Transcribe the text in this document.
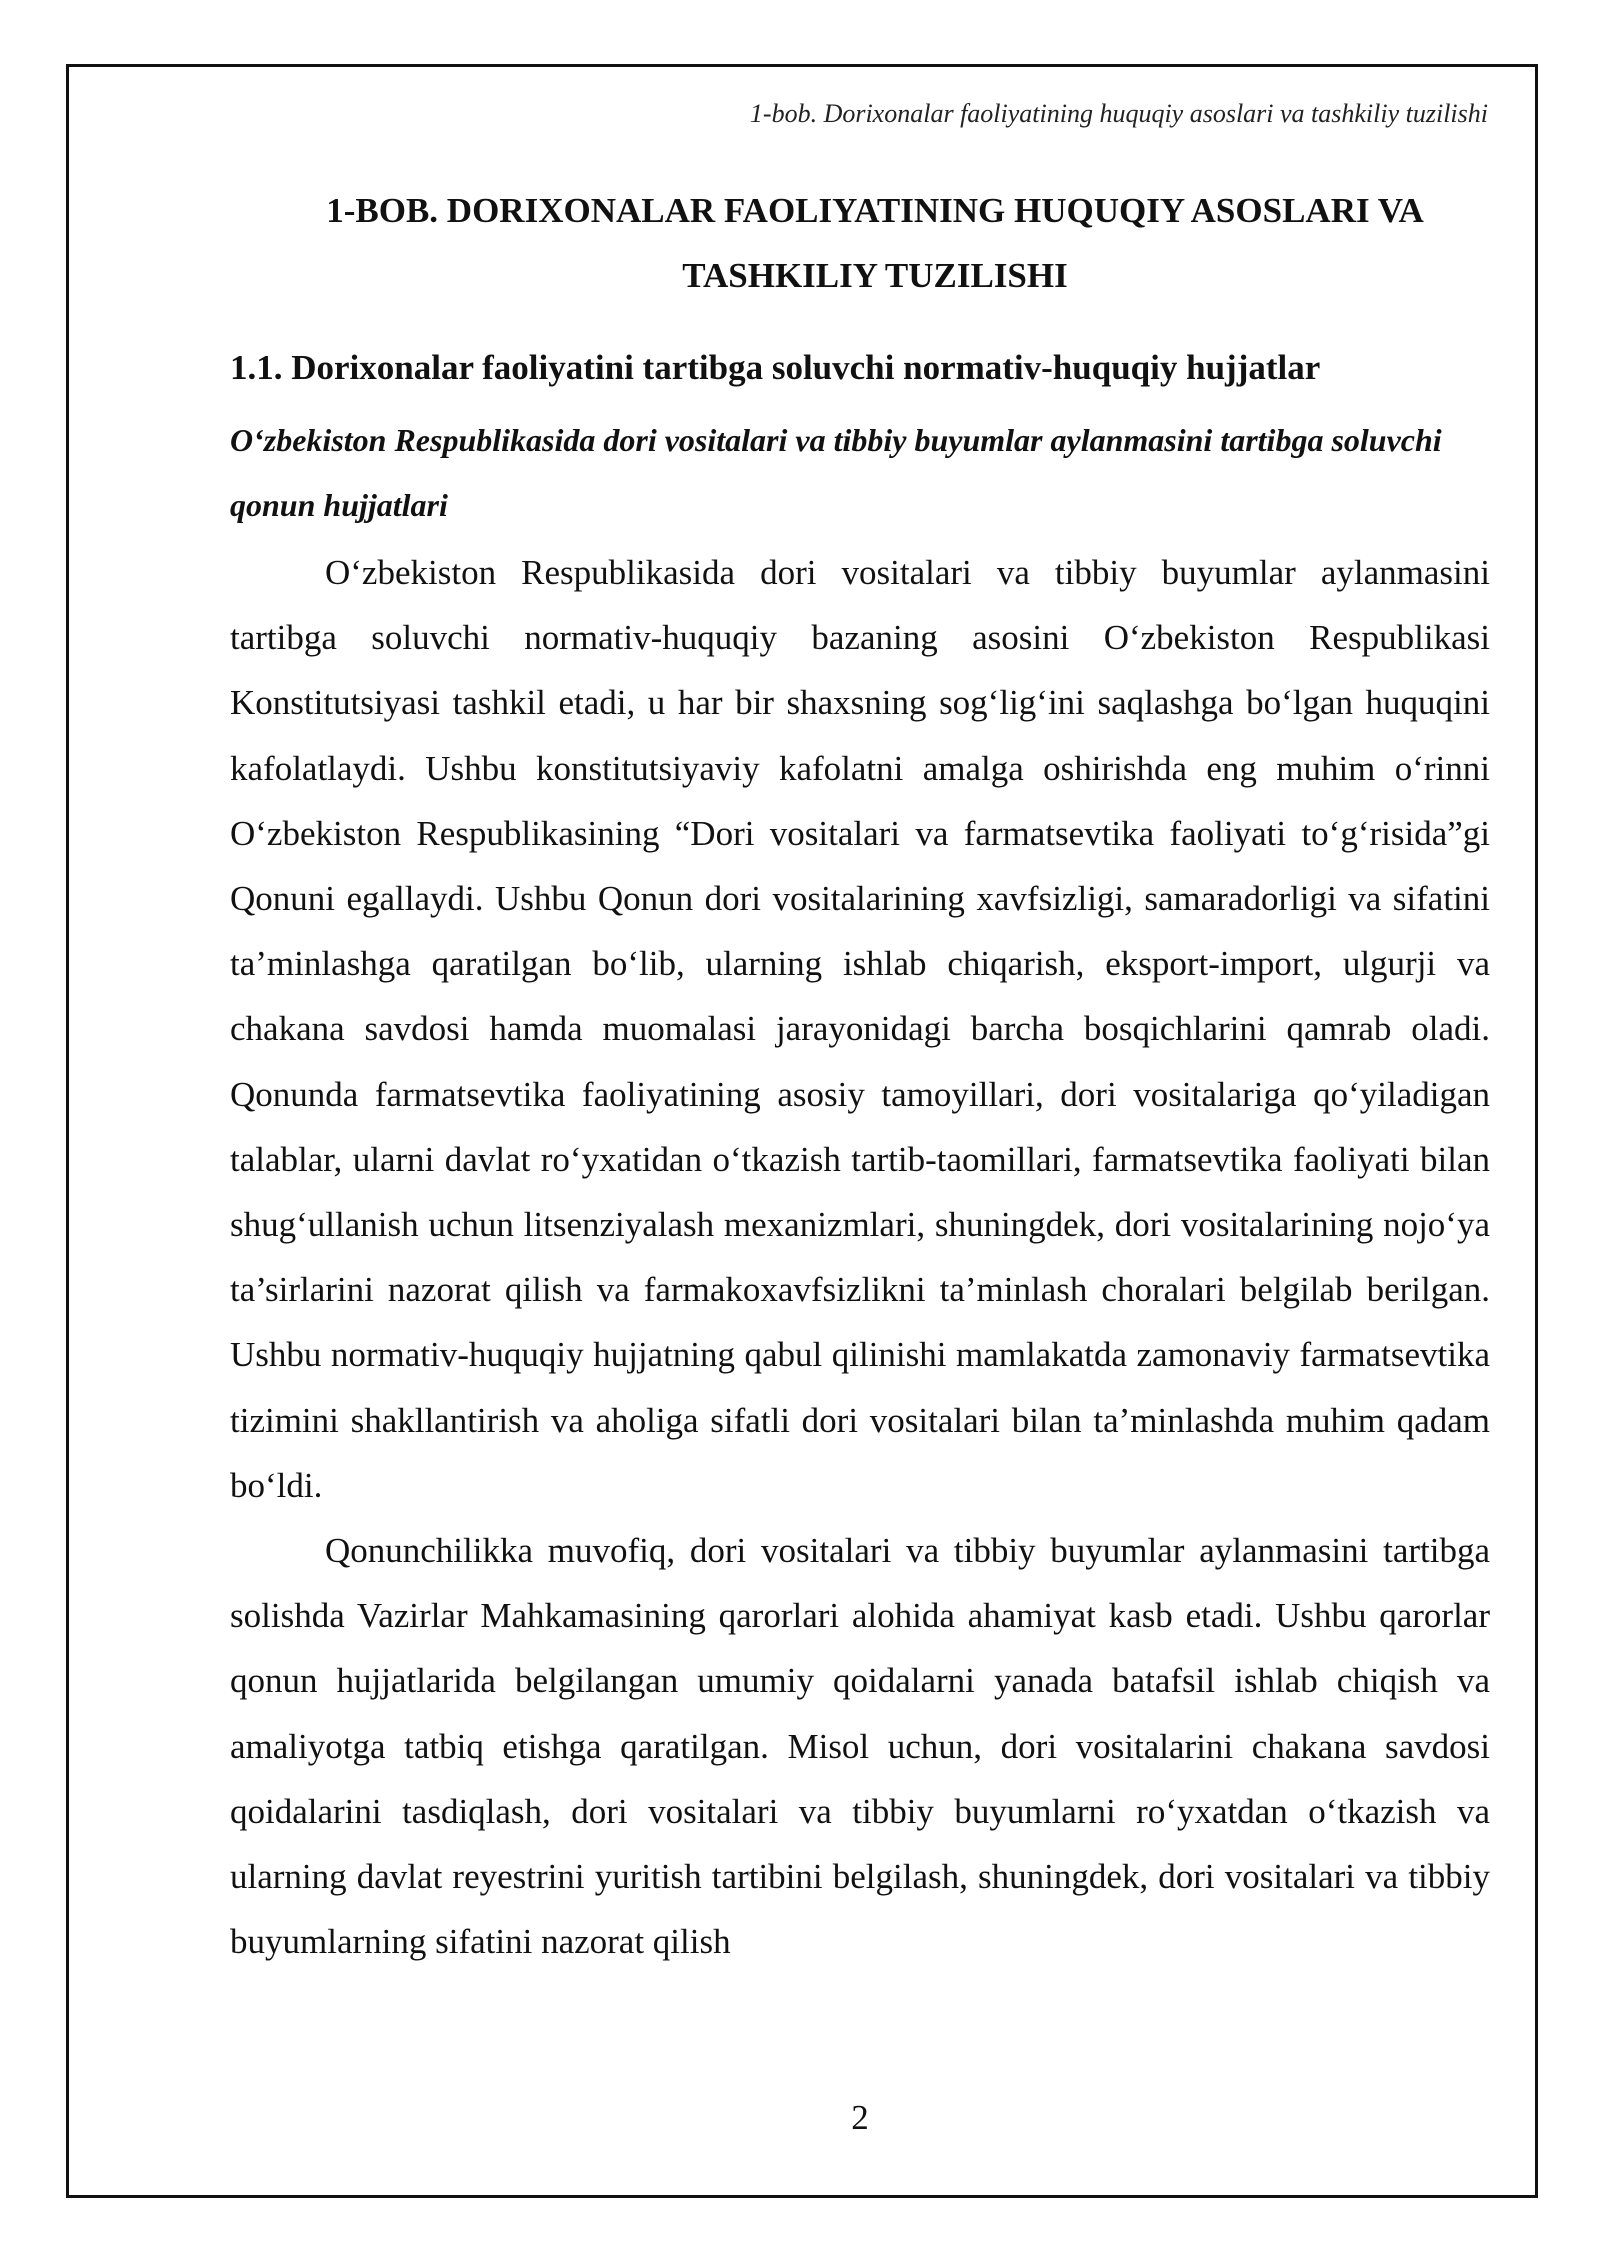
1-bob. Dorixonalar faoliyatining huquqiy asoslari va tashkiliy tuzilishi
1-BOB. DORIXONALAR FAOLIYATINING HUQUQIY ASOSLARI VA TASHKILIY TUZILISHI
1.1. Dorixonalar faoliyatini tartibga soluvchi normativ-huquqiy hujjatlar
O‘zbekiston Respublikasida dori vositalari va tibbiy buyumlar aylanmasini tartibga soluvchi qonun hujjatlari

O‘zbekiston Respublikasida dori vositalari va tibbiy buyumlar aylanmasini tartibga soluvchi normativ-huquqiy bazaning asosini O‘zbekiston Respublikasi Konstitutsiyasi tashkil etadi, u har bir shaxsning sog‘lig‘ini saqlashga bo‘lgan huquqini kafolatlaydi. Ushbu konstitutsiyaviy kafolatni amalga oshirishda eng muhim o‘rinni O‘zbekiston Respublikasining “Dori vositalari va farmatsevtika faoliyati to‘g‘risida”gi Qonuni egallaydi. Ushbu Qonun dori vositalarining xavfsizligi, samaradorligi va sifatini ta’minlashga qaratilgan bo‘lib, ularning ishlab chiqarish, eksport-import, ulgurji va chakana savdosi hamda muomalasi jarayonidagi barcha bosqichlarini qamrab oladi. Qonunda farmatsevtika faoliyatining asosiy tamoyillari, dori vositalariga qo‘yiladigan talablar, ularni davlat ro‘yxatidan o‘tkazish tartib-taomillari, farmatsevtika faoliyati bilan shug‘ullanish uchun litsenziyalash mexanizmlari, shuningdek, dori vositalarining nojo‘ya ta’sirlarini nazorat qilish va farmakoxavfsizlikni ta’minlash choralari belgilab berilgan. Ushbu normativ-huquqiy hujjatning qabul qilinishi mamlakatda zamonaviy farmatsevtika tizimini shakllantirish va aholiga sifatli dori vositalari bilan ta’minlashda muhim qadam bo‘ldi.

Qonunchilikka muvofiq, dori vositalari va tibbiy buyumlar aylanmasini tartibga solishda Vazirlar Mahkamasining qarorlari alohida ahamiyat kasb etadi. Ushbu qarorlar qonun hujjatlarida belgilangan umumiy qoidalarni yanada batafsil ishlab chiqish va amaliyotga tatbiq etishga qaratilgan. Misol uchun, dori vositalarini chakana savdosi qoidalarini tasdiqlash, dori vositalari va tibbiy buyumlarni ro‘yxatdan o‘tkazish va ularning davlat reyestrini yuritish tartibini belgilash, shuningdek, dori vositalari va tibbiy buyumlarning sifatini nazorat qilish

2
